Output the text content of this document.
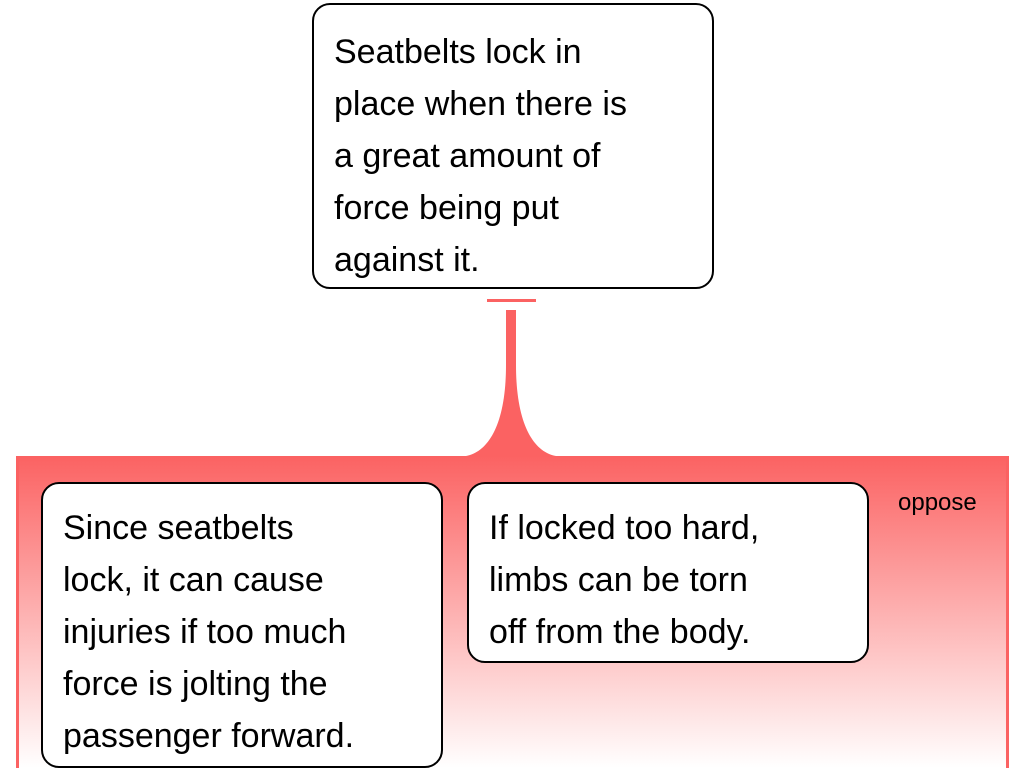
Seatbelts lock in
place when there is
a great amount of
force being put
against it.
Since seatbelts
lock, it can cause
injuries if too much
force is jolting the
passenger forward.
If locked too hard,
limbs can be torn
off from the body.
oppose
